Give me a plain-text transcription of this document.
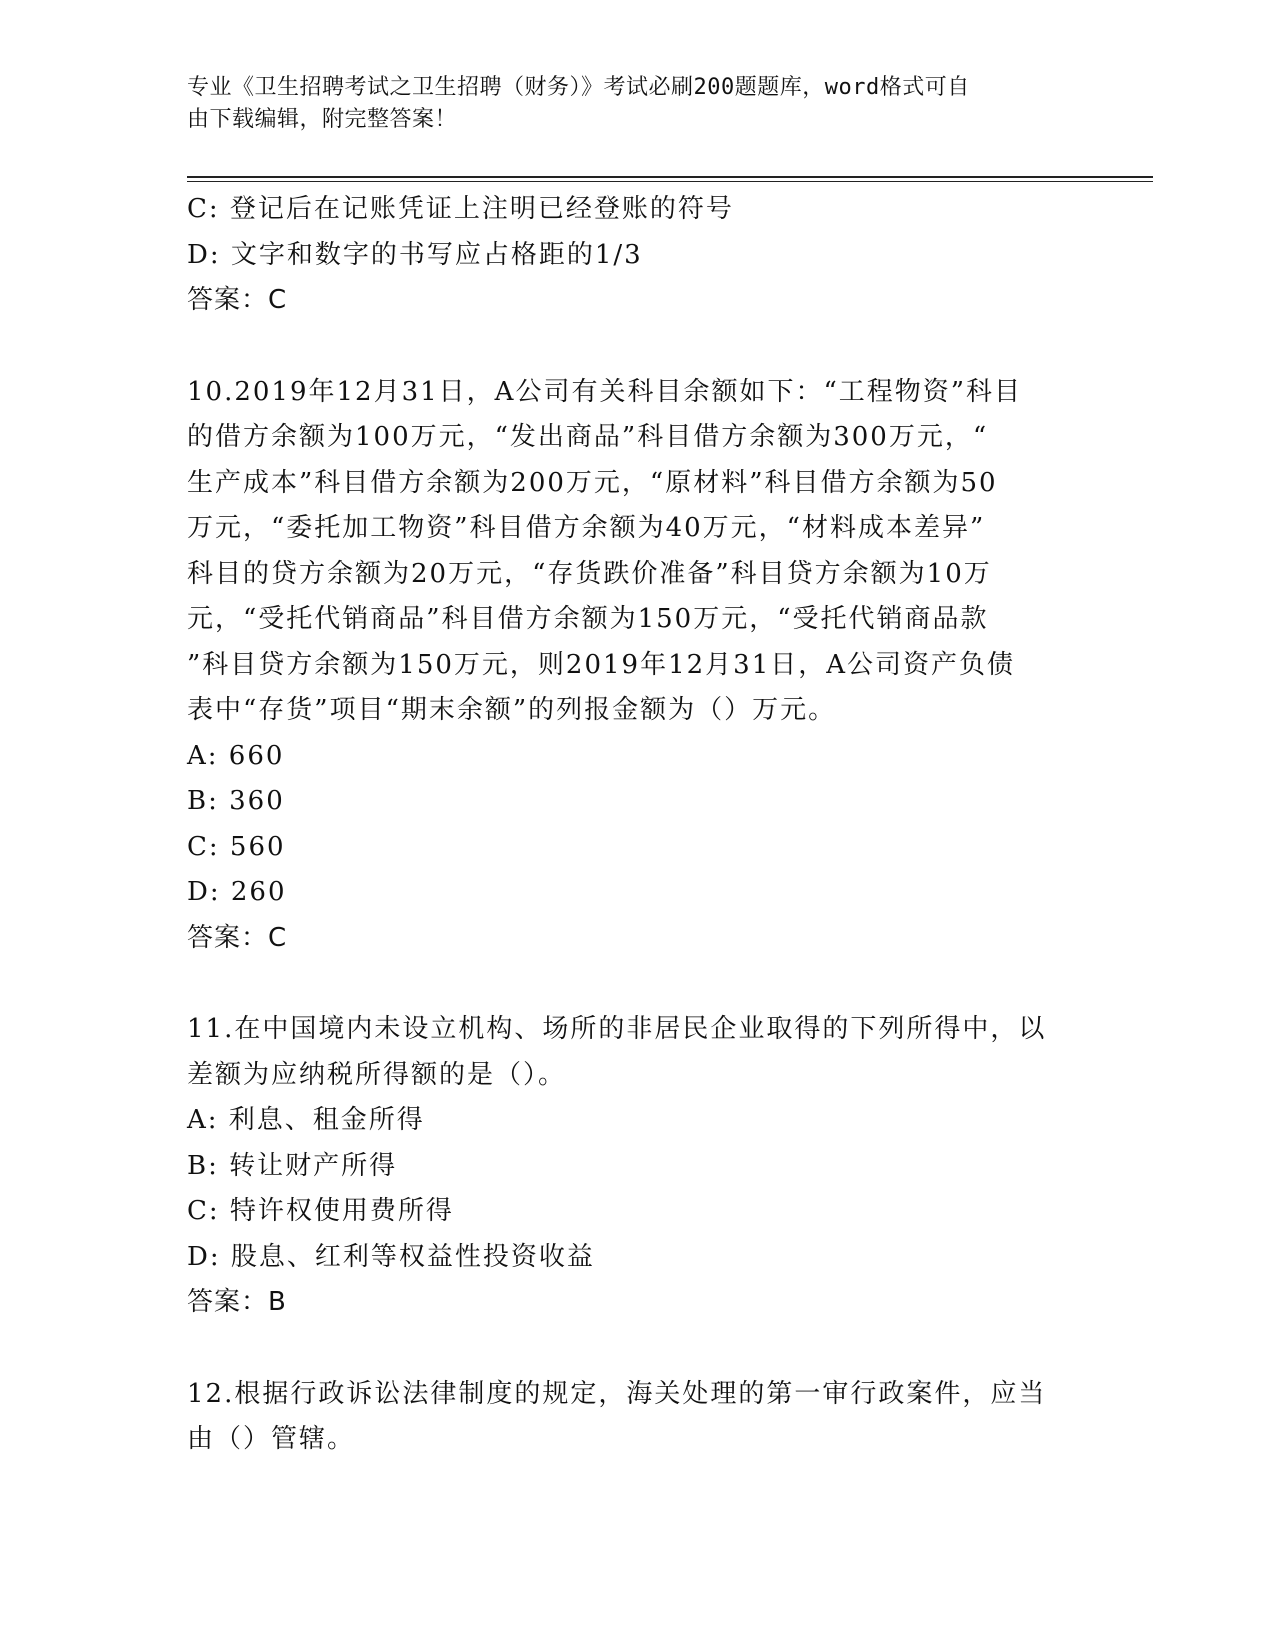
专业《卫生招聘考试之卫生招聘（财务）》考试必刷200题题库，word格式可自
由下载编辑，附完整答案！
C: 登记后在记账凭证上注明已经登账的符号
D: 文字和数字的书写应占格距的1/3
答案：C
10.2019年12月31日，A公司有关科目余额如下：“工程物资”科目
的借方余额为100万元，“发出商品”科目借方余额为300万元，“
生产成本”科目借方余额为200万元，“原材料”科目借方余额为50
万元，“委托加工物资”科目借方余额为40万元，“材料成本差异”
科目的贷方余额为20万元，“存货跌价准备”科目贷方余额为10万
元，“受托代销商品”科目借方余额为150万元，“受托代销商品款
”科目贷方余额为150万元，则2019年12月31日，A公司资产负债
表中“存货”项目“期末余额”的列报金额为（）万元。
A: 660
B: 360
C: 560
D: 260
答案：C
11.在中国境内未设立机构、场所的非居民企业取得的下列所得中，以
差额为应纳税所得额的是（）。
A: 利息、租金所得
B: 转让财产所得
C: 特许权使用费所得
D: 股息、红利等权益性投资收益
答案：B
12.根据行政诉讼法律制度的规定，海关处理的第一审行政案件，应当
由（）管辖。
